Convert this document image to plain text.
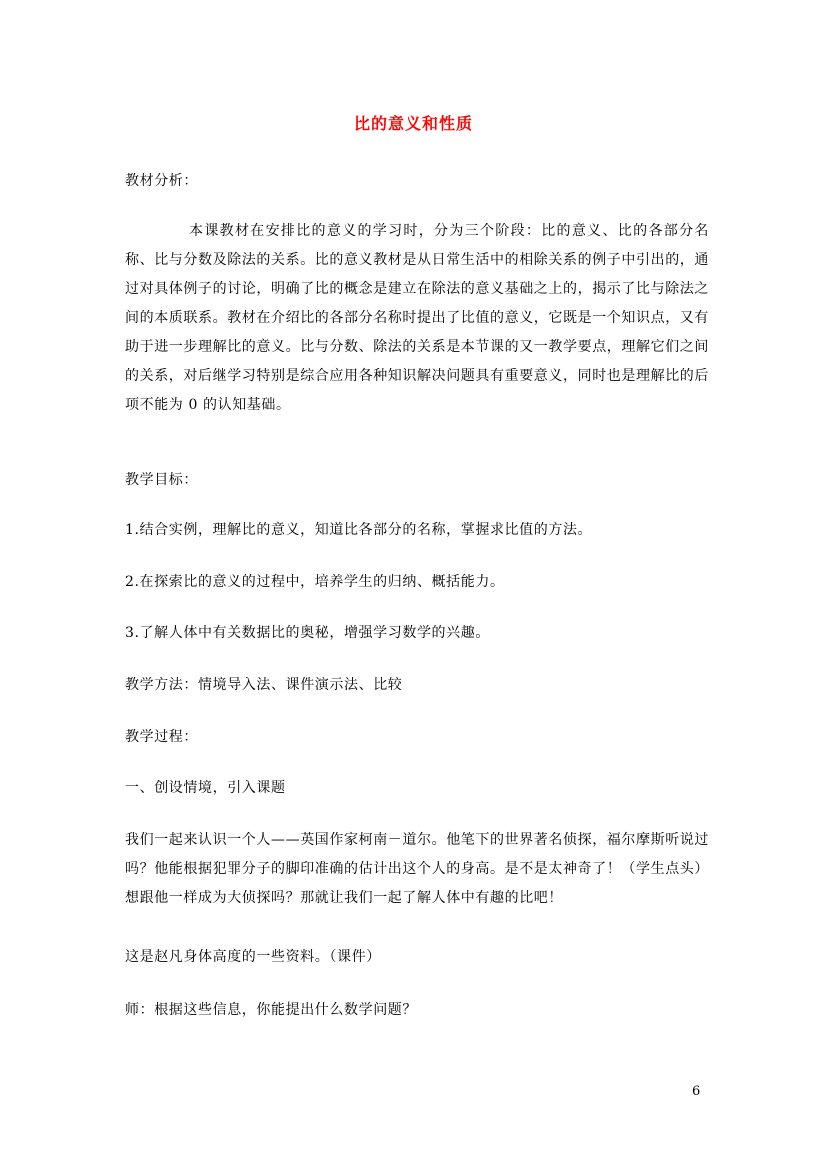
比的意义和性质
教材分析：

本课教材在安排比的意义的学习时，分为三个阶段：比的意义、比的各部分名称、比与分数及除法的关系。比的意义教材是从日常生活中的相除关系的例子中引出的，通过对具体例子的讨论，明确了比的概念是建立在除法的意义基础之上的，揭示了比与除法之间的本质联系。教材在介绍比的各部分名称时提出了比值的意义，它既是一个知识点，又有助于进一步理解比的意义。比与分数、除法的关系是本节课的又一教学要点，理解它们之间的关系，对后继学习特别是综合应用各种知识解决问题具有重要意义，同时也是理解比的后项不能为 0 的认知基础。

教学目标：
1.结合实例，理解比的意义，知道比各部分的名称，掌握求比值的方法。
2.在探索比的意义的过程中，培养学生的归纳、概括能力。
3.了解人体中有关数据比的奥秘，增强学习数学的兴趣。
教学方法：情境导入法、课件演示法、比较
教学过程：
一、创设情境，引入课题

我们一起来认识一个人——英国作家柯南－道尔。他笔下的世界著名侦探，福尔摩斯听说过吗？他能根据犯罪分子的脚印准确的估计出这个人的身高。是不是太神奇了！（学生点头）想跟他一样成为大侦探吗？那就让我们一起了解人体中有趣的比吧！

这是赵凡身体高度的一些资料。（课件）
师：根据这些信息，你能提出什么数学问题？
6
